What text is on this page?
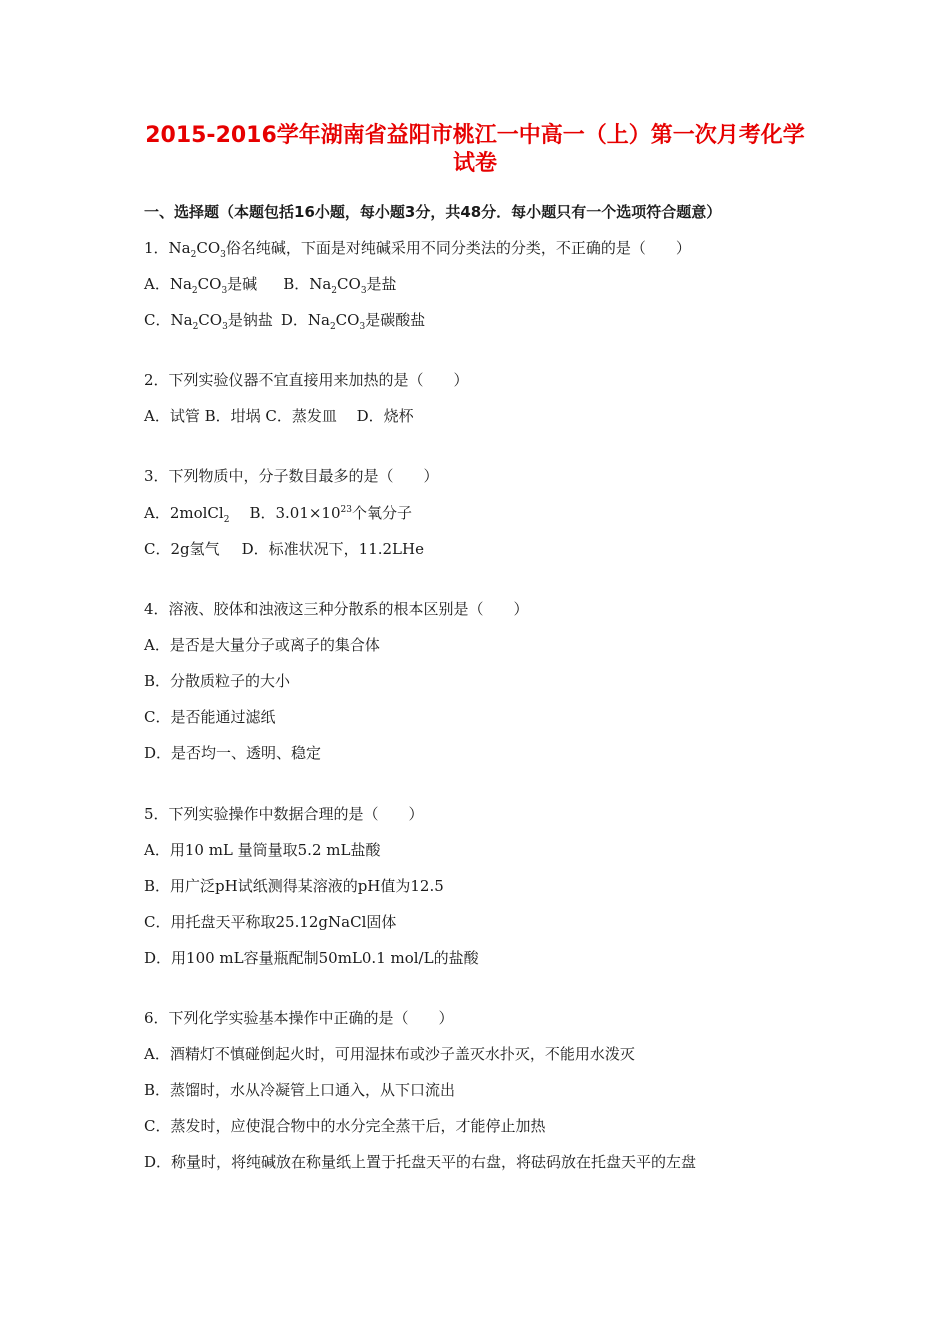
2015-2016学年湖南省益阳市桃江一中高一（上）第一次月考化学
试卷
一、选择题（本题包括16小题，每小题3分，共48分．每小题只有一个选项符合题意）
1．$Na_2CO_3$俗名纯碱，下面是对纯碱采用不同分类法的分类，不正确的是（　　）
A．$Na_2CO_3$是碱 B．$Na_2CO_3$是盐
C．$Na_2CO_3$是钠盐 D．$Na_2CO_3$是碳酸盐
2．下列实验仪器不宜直接用来加热的是（　　）
A．试管 B．坩埚 C．蒸发皿　 D．烧杯
3．下列物质中，分子数目最多的是（　　）
A．2molCl$_2$ B．$3.01\times 10^{23}$个氧分子
C．2g氢气 D．标准状况下，11.2LHe
4．溶液、胶体和浊液这三种分散系的根本区别是（　　）
A．是否是大量分子或离子的集合体
B．分散质粒子的大小
C．是否能通过滤纸
D．是否均一、透明、稳定
5．下列实验操作中数据合理的是（　　）
A．用10 mL 量筒量取5.2 mL盐酸
B．用广泛pH试纸测得某溶液的pH值为12.5
C．用托盘天平称取25.12gNaCl固体
D．用100 mL容量瓶配制50mL0.1 mol/L的盐酸
6．下列化学实验基本操作中正确的是（　　）
A．酒精灯不慎碰倒起火时，可用湿抹布或沙子盖灭水扑灭，不能用水泼灭
B．蒸馏时，水从冷凝管上口通入，从下口流出
C．蒸发时，应使混合物中的水分完全蒸干后，才能停止加热
D．称量时，将纯碱放在称量纸上置于托盘天平的右盘，将砝码放在托盘天平的左盘
